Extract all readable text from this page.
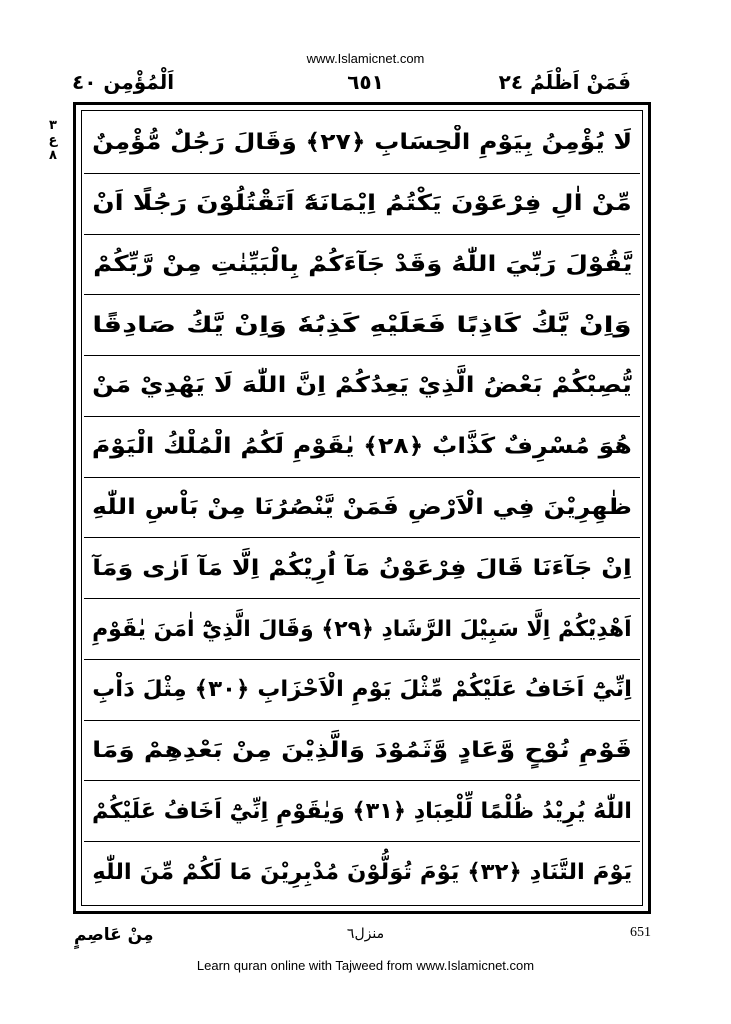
www.Islamicnet.com
فَمَنْ اَظْلَمُ ٢٤
٦٥١
اَلْمُؤْمِن ٤٠
٣
ع
٨
لَا يُؤْمِنُ بِيَوْمِ الْحِسَابِ ﴿٢٧﴾ وَقَالَ رَجُلٌ مُّؤْمِنٌ
مِّنْ اٰلِ فِرْعَوْنَ يَكْتُمُ اِيْمَانَهٗٓ اَتَقْتُلُوْنَ رَجُلًا اَنْ
يَّقُوْلَ رَبِّيَ اللّٰهُ وَقَدْ جَآءَكُمْ بِالْبَيِّنٰتِ مِنْ رَّبِّكُمْ
وَاِنْ يَّكُ كَاذِبًا فَعَلَيْهِ كَذِبُهٗ وَاِنْ يَّكُ صَادِقًا
يُّصِبْكُمْ بَعْضُ الَّذِيْ يَعِدُكُمْ اِنَّ اللّٰهَ لَا يَهْدِيْ مَنْ
هُوَ مُسْرِفٌ كَذَّابٌ ﴿٢٨﴾ يٰقَوْمِ لَكُمُ الْمُلْكُ الْيَوْمَ
ظٰهِرِيْنَ فِي الْاَرْضِ فَمَنْ يَّنْصُرُنَا مِنْ بَاْسِ اللّٰهِ
اِنْ جَآءَنَا قَالَ فِرْعَوْنُ مَآ اُرِيْكُمْ اِلَّا مَآ اَرٰى وَمَآ
اَهْدِيْكُمْ اِلَّا سَبِيْلَ الرَّشَادِ ﴿٢٩﴾ وَقَالَ الَّذِيْٓ اٰمَنَ يٰقَوْمِ
اِنِّيْٓ اَخَافُ عَلَيْكُمْ مِّثْلَ يَوْمِ الْاَحْزَابِ ﴿٣٠﴾ مِثْلَ دَاْبِ
قَوْمِ نُوْحٍ وَّعَادٍ وَّثَمُوْدَ وَالَّذِيْنَ مِنْ بَعْدِهِمْ وَمَا
اللّٰهُ يُرِيْدُ ظُلْمًا لِّلْعِبَادِ ﴿٣١﴾ وَيٰقَوْمِ اِنِّيْٓ اَخَافُ عَلَيْكُمْ
يَوْمَ التَّنَادِ ﴿٣٢﴾ يَوْمَ تُوَلُّوْنَ مُدْبِرِيْنَ مَا لَكُمْ مِّنَ اللّٰهِ
مِنْ عَاصِمٍ	منزل٦	651
Learn quran online with Tajweed from www.Islamicnet.com
